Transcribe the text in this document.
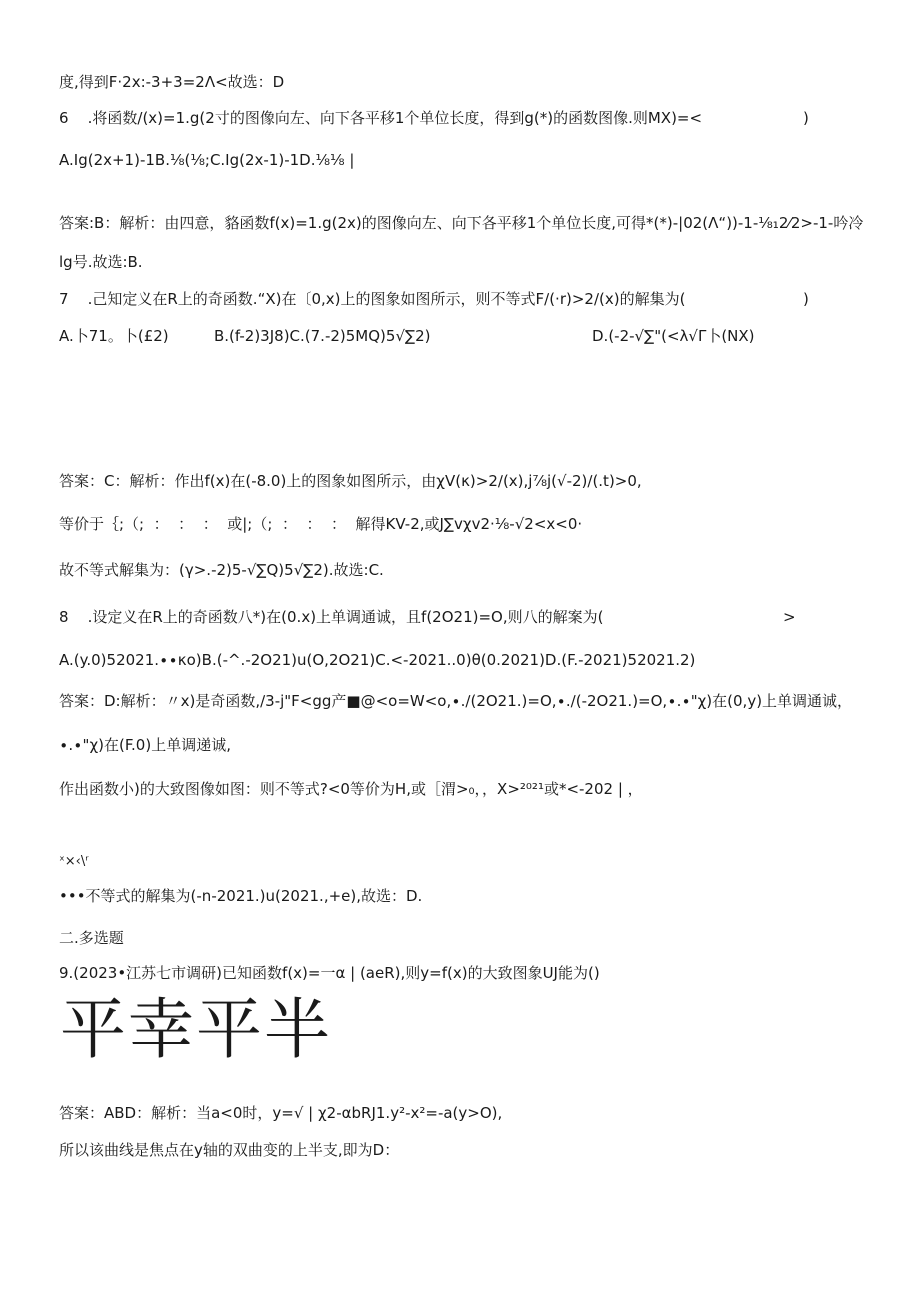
度,得到F·2x:-3+3=2Λ<故选：D
6    .将函数/(x)=1.g(2寸的图像向左、向下各平移1个单位长度，得到g(*)的函数图像.则MX)=<	)
A.Ig(2x+1)-1B.⅛(⅛;C.Ig(2x-1)-1D.⅛⅛ |
答案:B：解析：由四意，貉函数f(x)=1.g(2x)的图像向左、向下各平移1个单位长度,可得*(*)-|02(Λ“))-1-⅛₁2⁄2>-1-吟冷
lg号.故选:B.
7    .己知定义在R上的奇函数.“X)在〔0,x)上的图象如图所示，则不等式F∕(·r)>2∕(x)的解集为(	)
A.卜71。卜(£2)	B.(f-2)3J8)C.(7.-2)5MQ)5√∑2)	D.(-2-√∑"(<λ√Γ卜(NX)
答案：C：解析：作出f(x)在(-8.0)上的图象如图所示，由χV(κ)>2∕(x),j⅞j(√-2)∕(.t)>0,
等价于｛;（;  ：  ：  ：  或|;（;  ：  ：  ：  解得KV-2,或J∑vχv2·⅛-√2<x<0·
故不等式解集为：(γ>.-2)5-√∑Q)5√∑2).故选:C.
8    .设定义在R上的奇函数八*)在(0.x)上单调通诚，且f(2O21)=O,则八的解案为(	>
A.(y.0)52021.∙∙κo)B.(-^.-2O21)u(O,2O21)C.<-2021..0)θ(0.2021)D.(F.-2021)52021.2)
答案：D:解析：〃x)是奇函数,∕3-j"F<gg产■@<o=W<o,∙.∕(2O21.)=O,∙.∕(-2O21.)=O,∙.∙"χ)在(0,y)上单调通诚，
∙.∙"χ)在(F.0)上单调递诚,
作出函数小)的大致图像如图：则不等式?<0等价为H,或［渭>₀，，X>²⁰²¹或*<-202 | ，
ˣ×‹\ʳ
•••不等式的解集为(-n-2021.)u(2021.,+e),故选：D.
二.多选题
9.(2023•江苏七市调研)已知函数f(x)=一α | (aeR),则y=f(x)的大致图象UJ能为()
平幸平半
答案：ABD：解析：当a<0时，y=√ | χ2-αbRJ1.y²-x²=-a(y>O),
所以该曲线是焦点在y轴的双曲变的上半支,即为D：
